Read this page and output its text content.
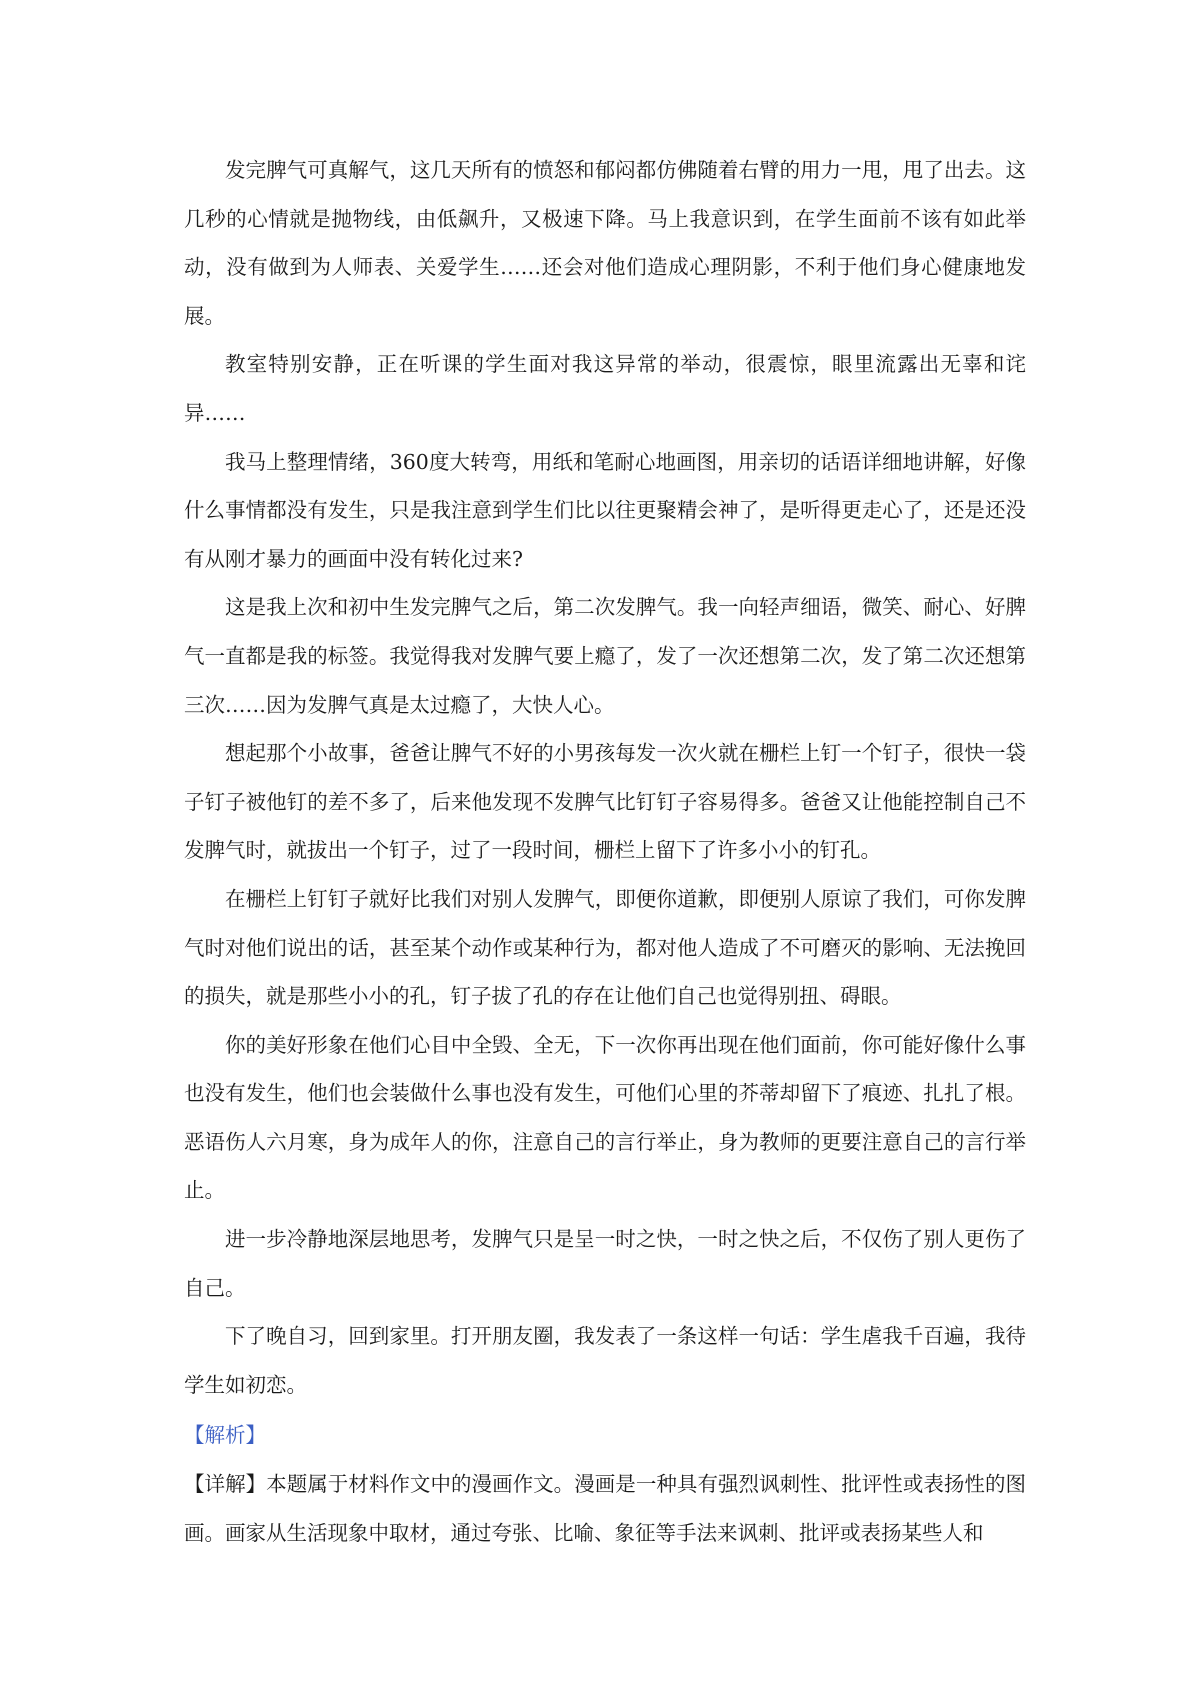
发完脾气可真解气，这几天所有的愤怒和郁闷都仿佛随着右臂的用力一甩，甩了出去。这几秒的心情就是抛物线，由低飙升，又极速下降。马上我意识到，在学生面前不该有如此举动，没有做到为人师表、关爱学生……还会对他们造成心理阴影，不利于他们身心健康地发展。

教室特别安静，正在听课的学生面对我这异常的举动，很震惊，眼里流露出无辜和诧异……

我马上整理情绪，360度大转弯，用纸和笔耐心地画图，用亲切的话语详细地讲解，好像什么事情都没有发生，只是我注意到学生们比以往更聚精会神了，是听得更走心了，还是还没有从刚才暴力的画面中没有转化过来?

这是我上次和初中生发完脾气之后，第二次发脾气。我一向轻声细语，微笑、耐心、好脾气一直都是我的标签。我觉得我对发脾气要上瘾了，发了一次还想第二次，发了第二次还想第三次……因为发脾气真是太过瘾了，大快人心。

想起那个小故事，爸爸让脾气不好的小男孩每发一次火就在栅栏上钉一个钉子，很快一袋子钉子被他钉的差不多了，后来他发现不发脾气比钉钉子容易得多。爸爸又让他能控制自己不发脾气时，就拔出一个钉子，过了一段时间，栅栏上留下了许多小小的钉孔。

在栅栏上钉钉子就好比我们对别人发脾气，即便你道歉，即便别人原谅了我们，可你发脾气时对他们说出的话，甚至某个动作或某种行为，都对他人造成了不可磨灭的影响、无法挽回的损失，就是那些小小的孔，钉子拔了孔的存在让他们自己也觉得别扭、碍眼。

你的美好形象在他们心目中全毁、全无，下一次你再出现在他们面前，你可能好像什么事也没有发生，他们也会装做什么事也没有发生，可他们心里的芥蒂却留下了痕迹、扎扎了根。恶语伤人六月寒，身为成年人的你，注意自己的言行举止，身为教师的更要注意自己的言行举止。

进一步冷静地深层地思考，发脾气只是呈一时之快，一时之快之后，不仅伤了别人更伤了自己。

下了晚自习，回到家里。打开朋友圈，我发表了一条这样一句话：学生虐我千百遍，我待学生如初恋。

【解析】

【详解】本题属于材料作文中的漫画作文。漫画是一种具有强烈讽刺性、批评性或表扬性的图画。画家从生活现象中取材，通过夸张、比喻、象征等手法来讽刺、批评或表扬某些人和
